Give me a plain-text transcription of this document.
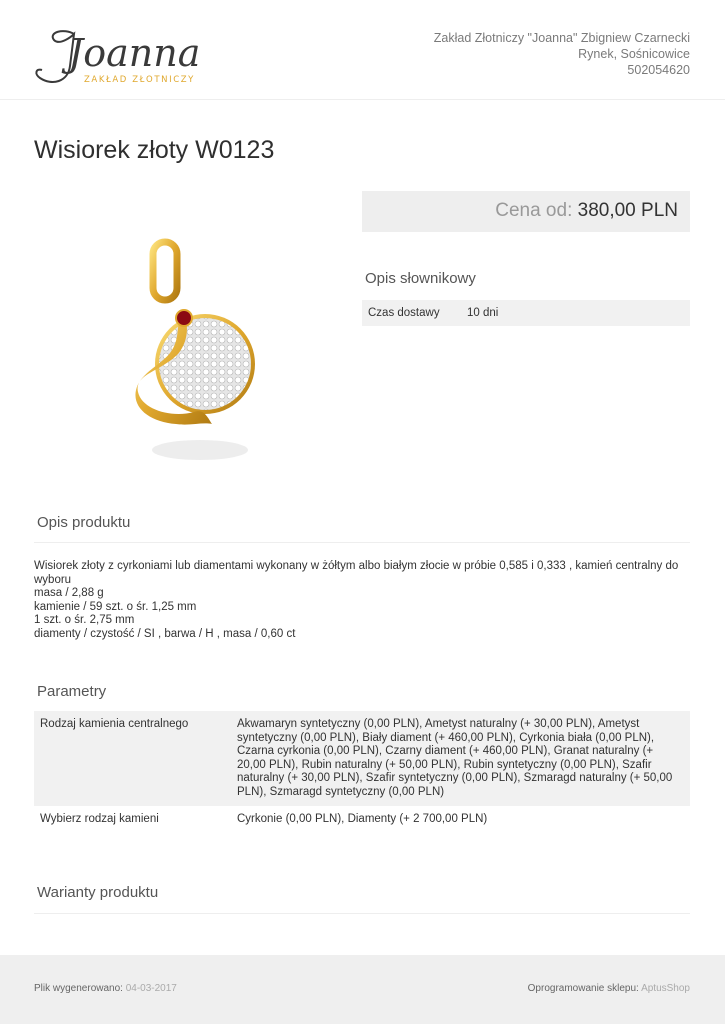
Joanna
ZAKŁAD ZŁOTNICZY
Zakład Złotniczy "Joanna" Zbigniew Czarnecki
Rynek, Sośnicowice
502054620
Wisiorek złoty W0123
Cena od: 380,00 PLN
Opis słownikowy
Czas dostawy 10 dni
Opis produktu
Wisiorek złoty z cyrkoniami lub diamentami wykonany w żółtym albo białym złocie w próbie 0,585 i 0,333 , kamień centralny do wyboru
masa / 2,88 g
kamienie / 59 szt. o śr. 1,25 mm
1 szt. o śr. 2,75 mm
diamenty / czystość / SI , barwa / H , masa / 0,60 ct
Parametry
Rodzaj kamienia centralnego	Akwamaryn syntetyczny (0,00 PLN), Ametyst naturalny (+ 30,00 PLN), Ametyst syntetyczny (0,00 PLN), Biały diament (+ 460,00 PLN), Cyrkonia biała (0,00 PLN), Czarna cyrkonia (0,00 PLN), Czarny diament (+ 460,00 PLN), Granat naturalny (+ 20,00 PLN), Rubin naturalny (+ 50,00 PLN), Rubin syntetyczny (0,00 PLN), Szafir naturalny (+ 30,00 PLN), Szafir syntetyczny (0,00 PLN), Szmaragd naturalny (+ 50,00 PLN), Szmaragd syntetyczny (0,00 PLN)
Wybierz rodzaj kamieni	Cyrkonie (0,00 PLN), Diamenty (+ 2 700,00 PLN)
Warianty produktu
Plik wygenerowano: 04-03-2017	Oprogramowanie sklepu: AptusShop
